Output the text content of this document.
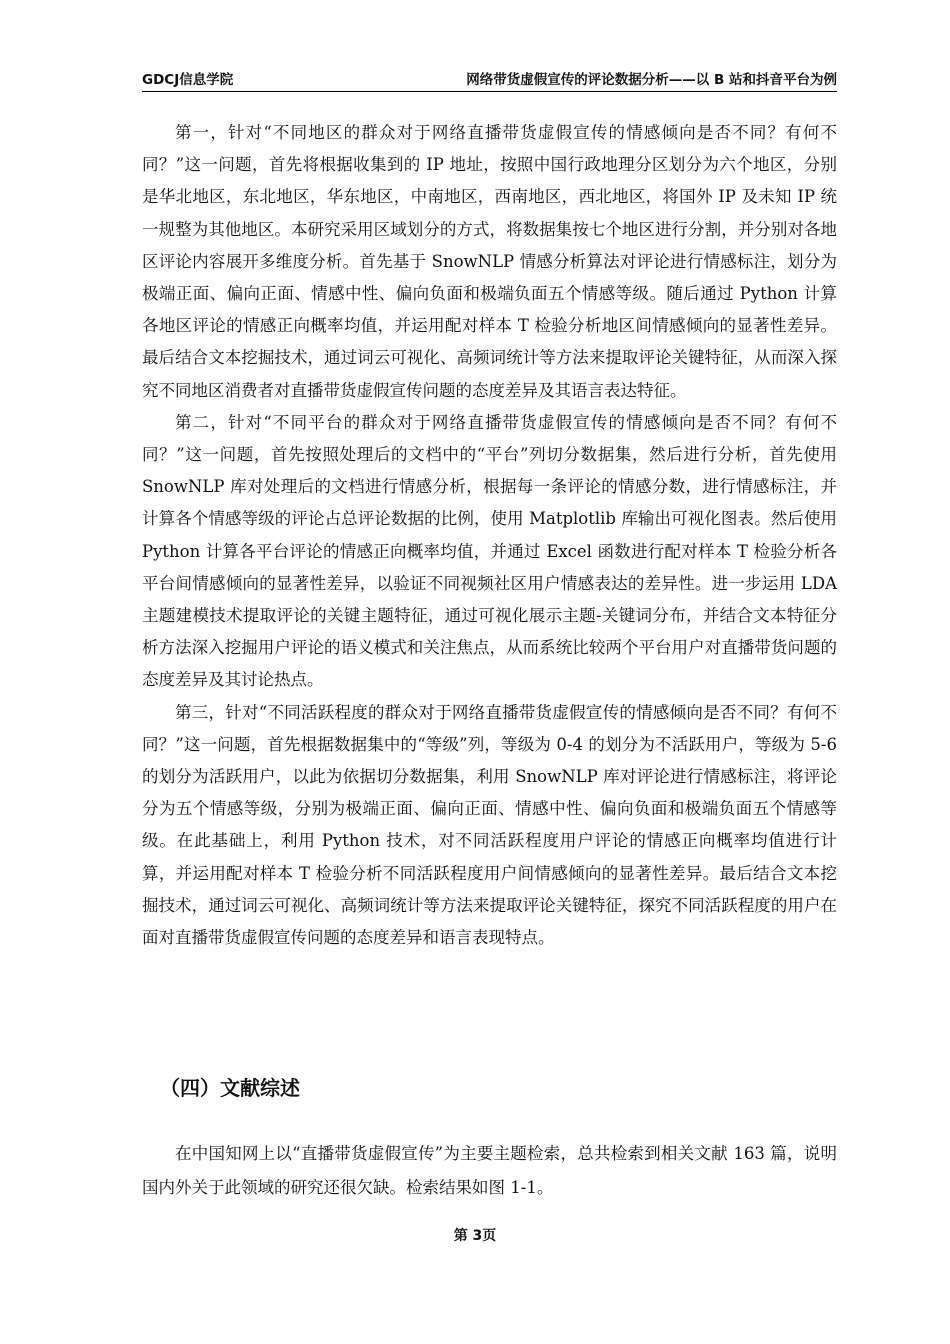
GDCJ信息学院	网络带货虚假宣传的评论数据分析——以 B 站和抖音平台为例

第一，针对“不同地区的群众对于网络直播带货虚假宣传的情感倾向是否不同？有何不同？”这一问题，首先将根据收集到的 IP 地址，按照中国行政地理分区划分为六个地区，分别是华北地区，东北地区，华东地区，中南地区，西南地区，西北地区，将国外 IP 及未知 IP 统一规整为其他地区。本研究采用区域划分的方式，将数据集按七个地区进行分割，并分别对各地区评论内容展开多维度分析。首先基于 SnowNLP 情感分析算法对评论进行情感标注，划分为极端正面、偏向正面、情感中性、偏向负面和极端负面五个情感等级。随后通过 Python 计算各地区评论的情感正向概率均值，并运用配对样本 T 检验分析地区间情感倾向的显著性差异。最后结合文本挖掘技术，通过词云可视化、高频词统计等方法来提取评论关键特征，从而深入探究不同地区消费者对直播带货虚假宣传问题的态度差异及其语言表达特征。

第二，针对“不同平台的群众对于网络直播带货虚假宣传的情感倾向是否不同？有何不同？”这一问题，首先按照处理后的文档中的“平台”列切分数据集，然后进行分析，首先使用 SnowNLP 库对处理后的文档进行情感分析，根据每一条评论的情感分数，进行情感标注，并计算各个情感等级的评论占总评论数据的比例，使用 Matplotlib 库输出可视化图表。然后使用 Python 计算各平台评论的情感正向概率均值，并通过 Excel 函数进行配对样本 T 检验分析各平台间情感倾向的显著性差异，以验证不同视频社区用户情感表达的差异性。进一步运用 LDA 主题建模技术提取评论的关键主题特征，通过可视化展示主题-关键词分布，并结合文本特征分析方法深入挖掘用户评论的语义模式和关注焦点，从而系统比较两个平台用户对直播带货问题的态度差异及其讨论热点。

第三，针对“不同活跃程度的群众对于网络直播带货虚假宣传的情感倾向是否不同？有何不同？”这一问题，首先根据数据集中的“等级”列，等级为 0-4 的划分为不活跃用户，等级为 5-6 的划分为活跃用户，以此为依据切分数据集，利用 SnowNLP 库对评论进行情感标注，将评论分为五个情感等级，分别为极端正面、偏向正面、情感中性、偏向负面和极端负面五个情感等级。在此基础上，利用 Python 技术，对不同活跃程度用户评论的情感正向概率均值进行计算，并运用配对样本 T 检验分析不同活跃程度用户间情感倾向的显著性差异。最后结合文本挖掘技术，通过词云可视化、高频词统计等方法来提取评论关键特征，探究不同活跃程度的用户在面对直播带货虚假宣传问题的态度差异和语言表现特点。

（四）文献综述

在中国知网上以“直播带货虚假宣传”为主要主题检索，总共检索到相关文献 163 篇，说明国内外关于此领域的研究还很欠缺。检索结果如图 1-1。

第 3页
